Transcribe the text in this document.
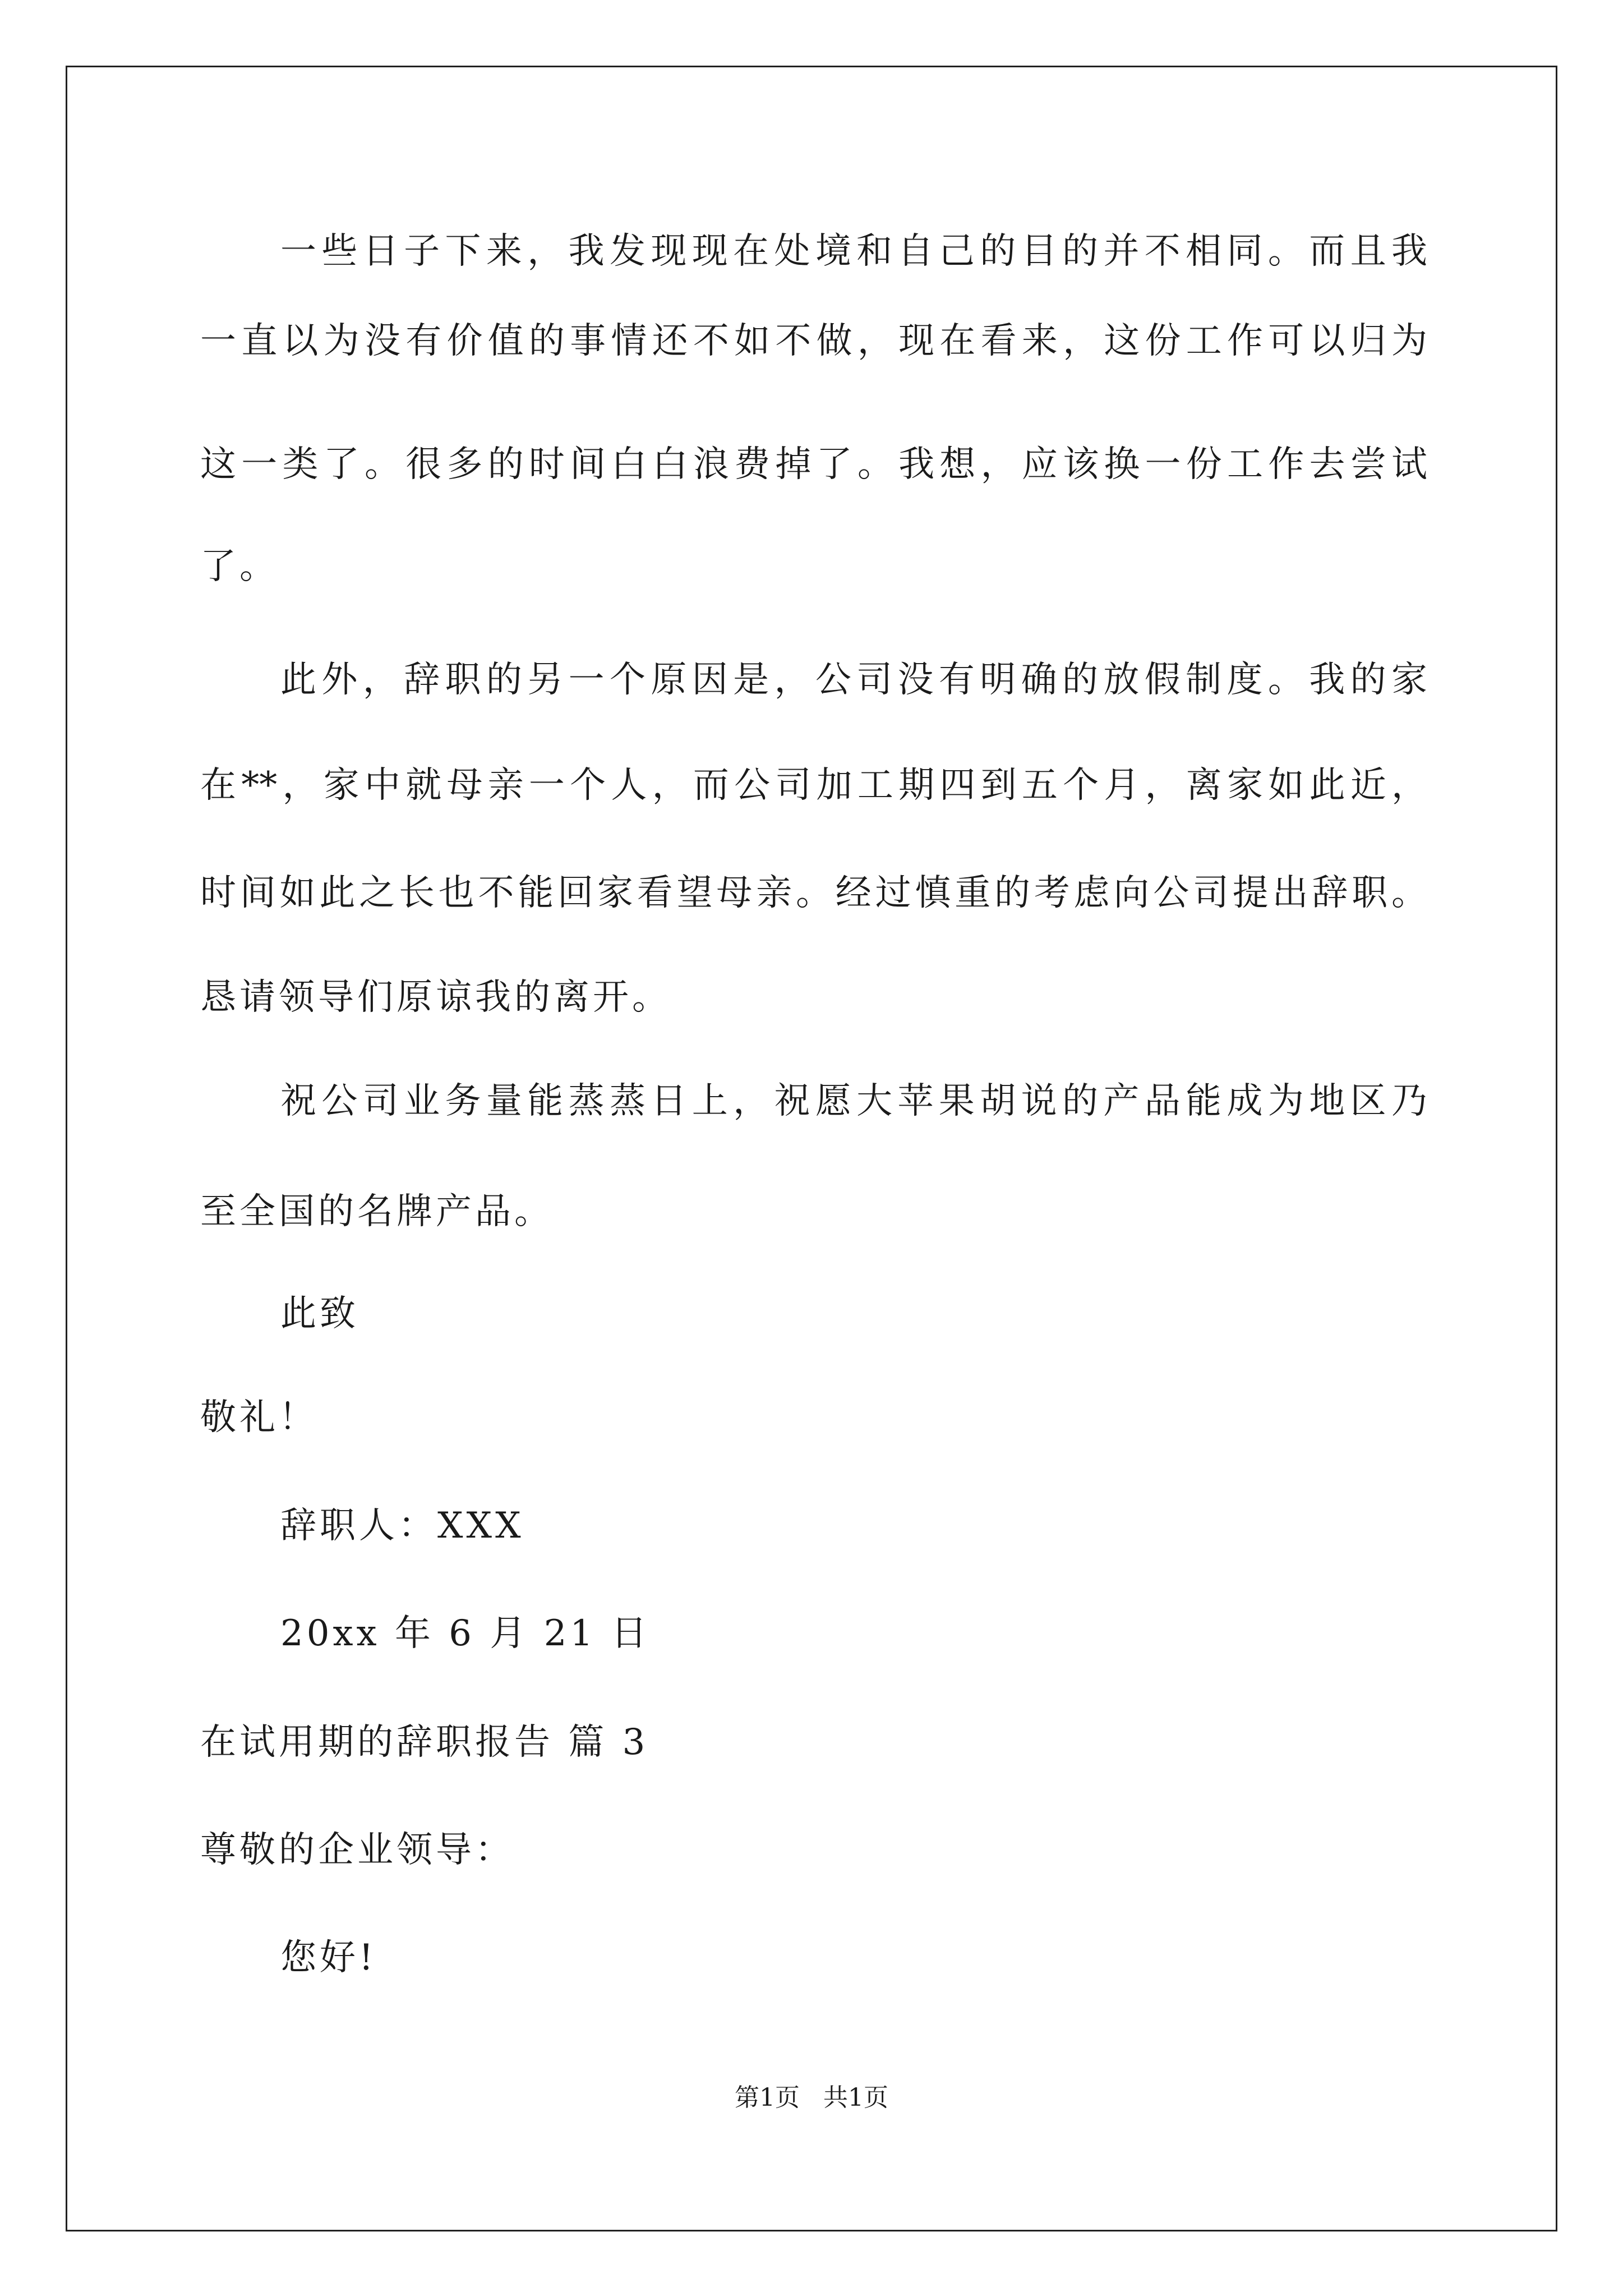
一些日子下来，我发现现在处境和自己的目的并不相同。而且我
一直以为没有价值的事情还不如不做，现在看来，这份工作可以归为
这一类了。很多的时间白白浪费掉了。我想，应该换一份工作去尝试
了。
此外，辞职的另一个原因是，公司没有明确的放假制度。我的家
在**，家中就母亲一个人，而公司加工期四到五个月，离家如此近，
时间如此之长也不能回家看望母亲。经过慎重的考虑向公司提出辞职。
恳请领导们原谅我的离开。
祝公司业务量能蒸蒸日上，祝愿大苹果胡说的产品能成为地区乃
至全国的名牌产品。
此致
敬礼！
辞职人：XXX
20xx 年 6 月 21 日
在试用期的辞职报告 篇 3
尊敬的企业领导：
您好!
第1页   共1页
